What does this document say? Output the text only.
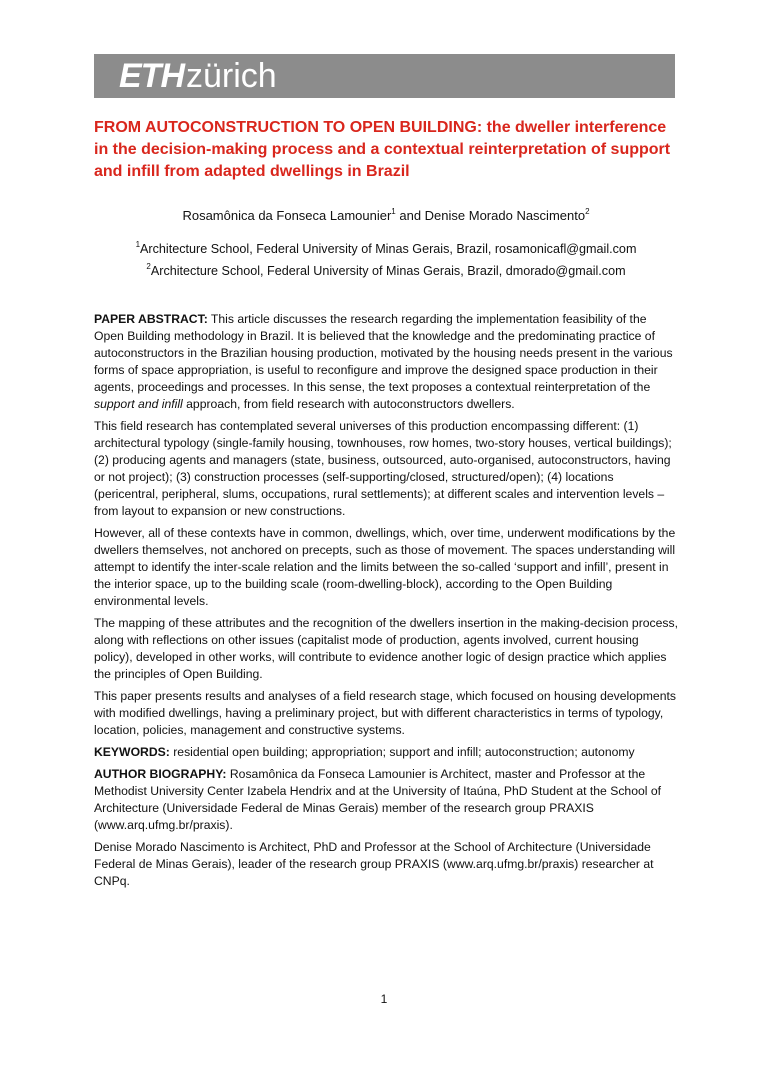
ETHzürich
FROM AUTOCONSTRUCTION TO OPEN BUILDING: the dweller interference in the decision-making process and a contextual reinterpretation of support and infill from adapted dwellings in Brazil
Rosamônica da Fonseca Lamounier$^1$ and Denise Morado Nascimento$^2$
$^1$Architecture School, Federal University of Minas Gerais, Brazil, rosamonicafl@gmail.com
$^2$Architecture School, Federal University of Minas Gerais, Brazil, dmorado@gmail.com

PAPER ABSTRACT: This article discusses the research regarding the implementation feasibility of the Open Building methodology in Brazil. It is believed that the knowledge and the predominating practice of autoconstructors in the Brazilian housing production, motivated by the housing needs present in the various forms of space appropriation, is useful to reconfigure and improve the designed space production in their agents, proceedings and processes. In this sense, the text proposes a contextual reinterpretation of the support and infill approach, from field research with autoconstructors dwellers.

This field research has contemplated several universes of this production encompassing different: (1) architectural typology (single-family housing, townhouses, row homes, two-story houses, vertical buildings); (2) producing agents and managers (state, business, outsourced, auto-organised, autoconstructors, having or not project); (3) construction processes (self-supporting/closed, structured/open); (4) locations (pericentral, peripheral, slums, occupations, rural settlements); at different scales and intervention levels – from layout to expansion or new constructions.

However, all of these contexts have in common, dwellings, which, over time, underwent modifications by the dwellers themselves, not anchored on precepts, such as those of movement. The spaces understanding will attempt to identify the inter-scale relation and the limits between the so-called ‘support and infill’, present in the interior space, up to the building scale (room-dwelling-block), according to the Open Building environmental levels.

The mapping of these attributes and the recognition of the dwellers insertion in the making-decision process, along with reflections on other issues (capitalist mode of production, agents involved, current housing policy), developed in other works, will contribute to evidence another logic of design practice which applies the principles of Open Building.

This paper presents results and analyses of a field research stage, which focused on housing developments with modified dwellings, having a preliminary project, but with different characteristics in terms of typology, location, policies, management and constructive systems.

KEYWORDS: residential open building; appropriation; support and infill; autoconstruction; autonomy

AUTHOR BIOGRAPHY: Rosamônica da Fonseca Lamounier is Architect, master and Professor at the Methodist University Center Izabela Hendrix and at the University of Itaúna, PhD Student at the School of Architecture (Universidade Federal de Minas Gerais) member of the research group PRAXIS (www.arq.ufmg.br/praxis).

Denise Morado Nascimento is Architect, PhD and Professor at the School of Architecture (Universidade Federal de Minas Gerais), leader of the research group PRAXIS (www.arq.ufmg.br/praxis) researcher at CNPq.

1
